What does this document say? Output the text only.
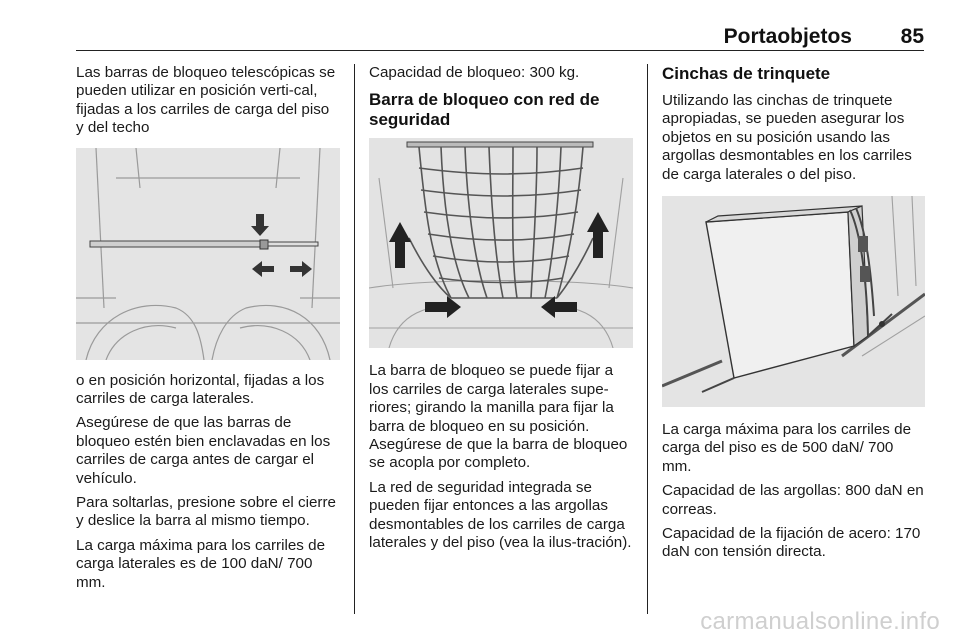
Portaobjetos 85

Las barras de bloqueo telescópicas se pueden utilizar en posición verti-cal, fijadas a los carriles de carga del piso y del techo

o en posición horizontal, fijadas a los carriles de carga laterales.

Asegúrese de que las barras de bloqueo estén bien enclavadas en los carriles de carga antes de cargar el vehículo.

Para soltarlas, presione sobre el cierre y deslice la barra al mismo tiempo.

La carga máxima para los carriles de carga laterales es de 100 daN/ 700 mm.

Capacidad de bloqueo: 300 kg.

Barra de bloqueo con red de seguridad

La barra de bloqueo se puede fijar a los carriles de carga laterales supe-riores; girando la manilla para fijar la barra de bloqueo en su posición. Asegúrese de que la barra de bloqueo se acopla por completo.

La red de seguridad integrada se pueden fijar entonces a las argollas desmontables de los carriles de carga laterales y del piso (vea la ilus-tración).

Cinchas de trinquete

Utilizando las cinchas de trinquete apropiadas, se pueden asegurar los objetos en su posición usando las argollas desmontables en los carriles de carga laterales o del piso.

La carga máxima para los carriles de carga del piso es de 500 daN/ 700 mm.

Capacidad de las argollas: 800 daN en correas.

Capacidad de la fijación de acero: 170 daN con tensión directa.

carmanualsonline.info
